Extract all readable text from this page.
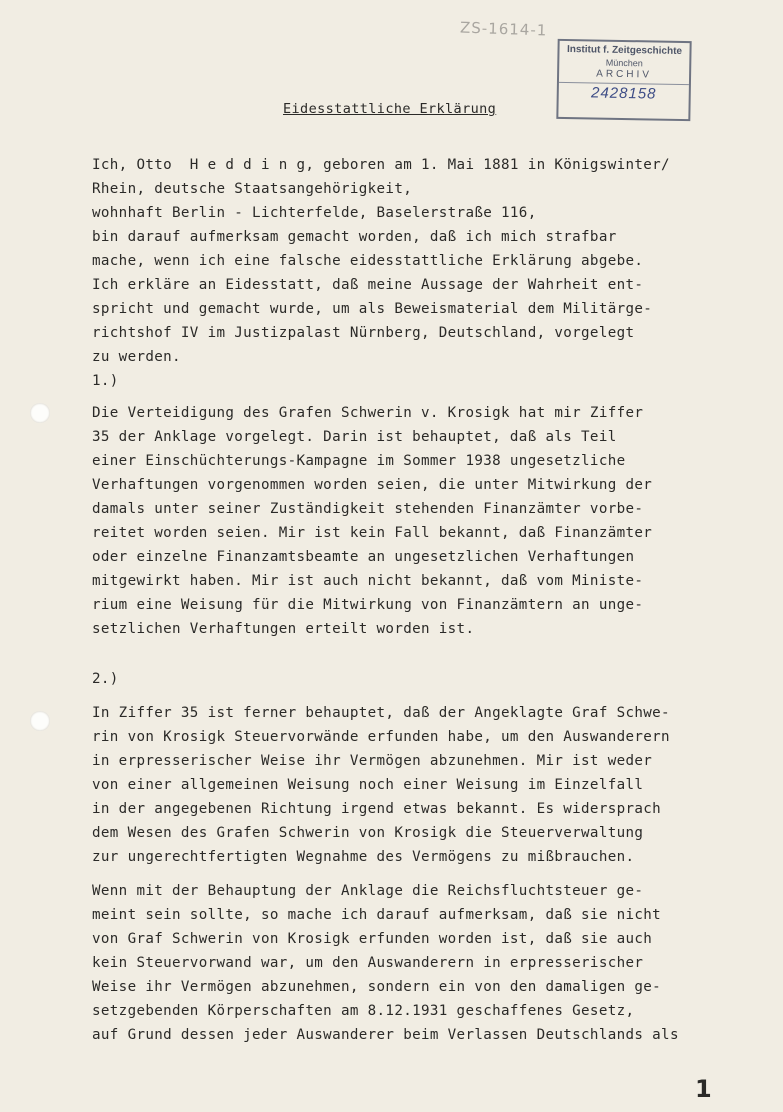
ZS-1614-1
Institut f. Zeitgeschichte
München
ARCHIV
2428158
Eidesstattliche Erklärung
Ich, Otto  H e d d i n g, geboren am 1. Mai 1881 in Königswinter/
Rhein, deutsche Staatsangehörigkeit,
wohnhaft Berlin - Lichterfelde, Baselerstraße 116,
bin darauf aufmerksam gemacht worden, daß ich mich strafbar
mache, wenn ich eine falsche eidesstattliche Erklärung abgebe.
Ich erkläre an Eidesstatt, daß meine Aussage der Wahrheit ent-
spricht und gemacht wurde, um als Beweismaterial dem Militärge-
richtshof IV im Justizpalast Nürnberg, Deutschland, vorgelegt
zu werden.
1.)
Die Verteidigung des Grafen Schwerin v. Krosigk hat mir Ziffer
35 der Anklage vorgelegt. Darin ist behauptet, daß als Teil
einer Einschüchterungs-Kampagne im Sommer 1938 ungesetzliche
Verhaftungen vorgenommen worden seien, die unter Mitwirkung der
damals unter seiner Zuständigkeit stehenden Finanzämter vorbe-
reitet worden seien. Mir ist kein Fall bekannt, daß Finanzämter
oder einzelne Finanzamtsbeamte an ungesetzlichen Verhaftungen
mitgewirkt haben. Mir ist auch nicht bekannt, daß vom Ministe-
rium eine Weisung für die Mitwirkung von Finanzämtern an unge-
setzlichen Verhaftungen erteilt worden ist.
2.)
In Ziffer 35 ist ferner behauptet, daß der Angeklagte Graf Schwe-
rin von Krosigk Steuervorwände erfunden habe, um den Auswanderern
in erpresserischer Weise ihr Vermögen abzunehmen. Mir ist weder
von einer allgemeinen Weisung noch einer Weisung im Einzelfall
in der angegebenen Richtung irgend etwas bekannt. Es widersprach
dem Wesen des Grafen Schwerin von Krosigk die Steuerverwaltung
zur ungerechtfertigten Wegnahme des Vermögens zu mißbrauchen.
Wenn mit der Behauptung der Anklage die Reichsfluchtsteuer ge-
meint sein sollte, so mache ich darauf aufmerksam, daß sie nicht
von Graf Schwerin von Krosigk erfunden worden ist, daß sie auch
kein Steuervorwand war, um den Auswanderern in erpresserischer
Weise ihr Vermögen abzunehmen, sondern ein von den damaligen ge-
setzgebenden Körperschaften am 8.12.1931 geschaffenes Gesetz,
auf Grund dessen jeder Auswanderer beim Verlassen Deutschlands als
1
